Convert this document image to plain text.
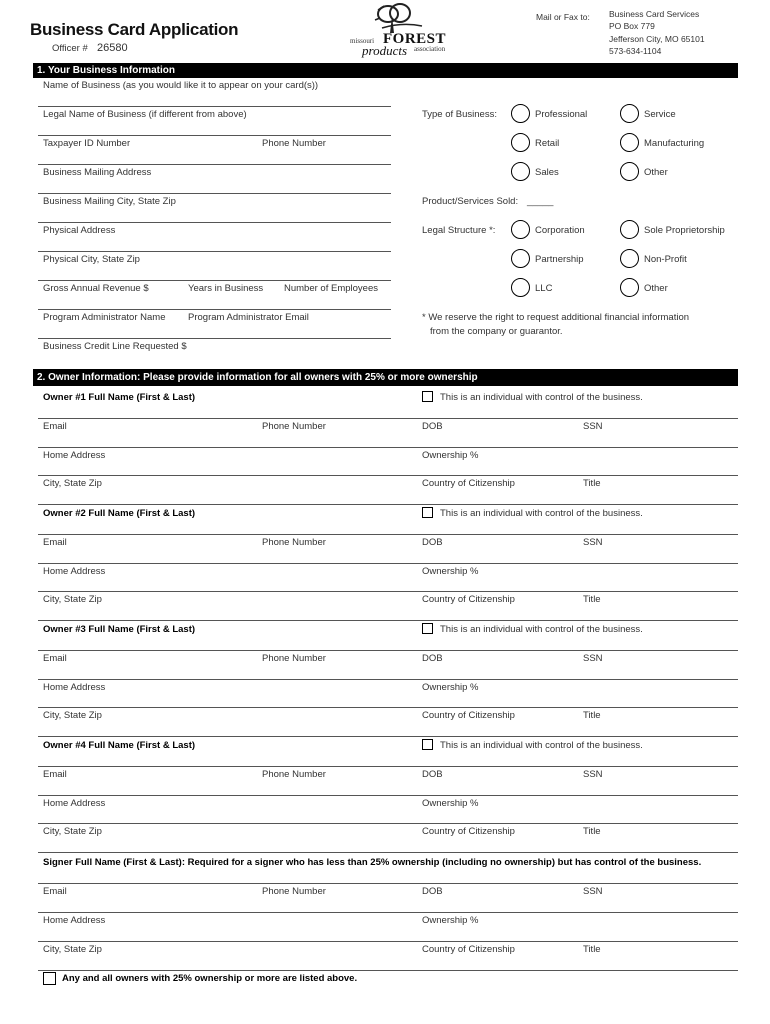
Business Card Application
Officer # 26580
missouri FOREST
products association
Mail or Fax to: Business Card Services
PO Box 779
Jefferson City, MO 65101
573-634-1104
1. Your Business Information
Name of Business (as you would like it to appear on your card(s))
Legal Name of Business (if different from above)
Taxpayer ID Number	Phone Number
Business Mailing Address
Business Mailing City, State Zip
Physical Address
Physical City, State Zip
Gross Annual Revenue $	Years in Business Number of Employees
Program Administrator Name Program Administrator Email
Business Credit Line Requested $
Type of Business:	Professional	Service
Retail	Manufacturing
Sales	Other
Product/Services Sold: _____
Legal Structure *:	Corporation	Sole Proprietorship
Partnership	Non-Profit
LLC	Other
* We reserve the right to request additional financial information
from the company or guarantor.
2. Owner Information: Please provide information for all owners with 25% or more ownership
Owner #1 Full Name (First & Last)	This is an individual with control of the business.
Email	Phone Number	DOB	SSN
Home Address	Ownership %
City, State Zip	Country of Citizenship	Title
Owner #2 Full Name (First & Last)	This is an individual with control of the business.
Email	Phone Number	DOB	SSN
Home Address	Ownership %
City, State Zip	Country of Citizenship	Title
Owner #3 Full Name (First & Last)	This is an individual with control of the business.
Email	Phone Number	DOB	SSN
Home Address	Ownership %
City, State Zip	Country of Citizenship	Title
Owner #4 Full Name (First & Last)	This is an individual with control of the business.
Email	Phone Number	DOB	SSN
Home Address	Ownership %
City, State Zip	Country of Citizenship	Title
Signer Full Name (First & Last): Required for a signer who has less than 25% ownership (including no ownership) but has control of the business.
Email	Phone Number	DOB	SSN
Home Address	Ownership %
City, State Zip	Country of Citizenship	Title
Any and all owners with 25% ownership or more are listed above.
